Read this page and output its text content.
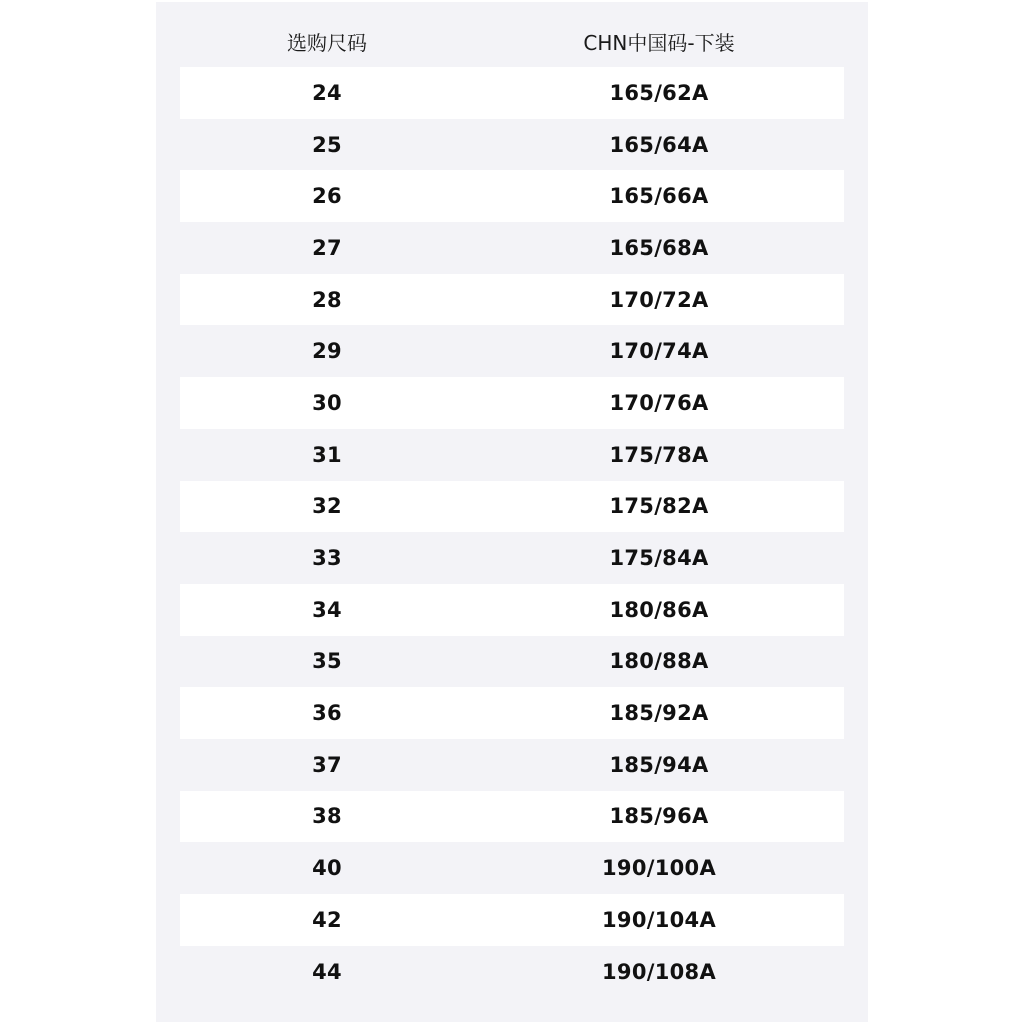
选购尺码	CHN中国码-下装
24	165/62A
25	165/64A
26	165/66A
27	165/68A
28	170/72A
29	170/74A
30	170/76A
31	175/78A
32	175/82A
33	175/84A
34	180/86A
35	180/88A
36	185/92A
37	185/94A
38	185/96A
40	190/100A
42	190/104A
44	190/108A
